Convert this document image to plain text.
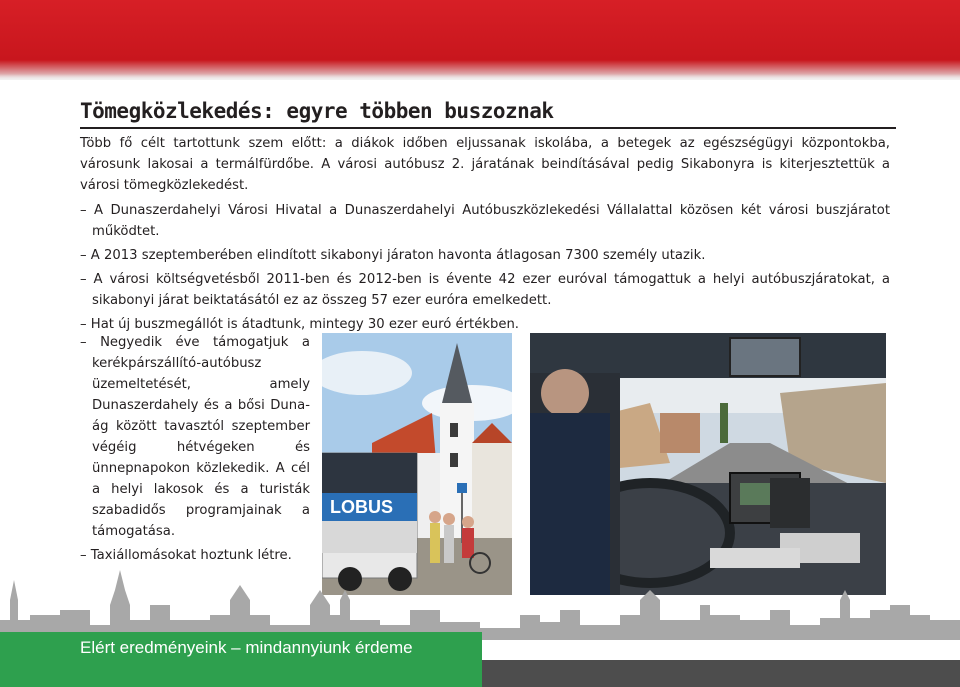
Tömegközlekedés: egyre többen buszoznak

Több fő célt tartottunk szem előtt: a diákok időben eljussanak iskolába, a betegek az egészségügyi központokba, városunk lakosai a termálfürdőbe. A városi autóbusz 2. járatának beindításával pedig Sikabonyra is kiterjesztettük a városi tömegközlekedést.

– A Dunaszerdahelyi Városi Hivatal a Dunaszerdahelyi Autóbuszközlekedési Vállalattal közösen két városi buszjáratot működtet.
– A 2013 szeptemberében elindított sikabonyi járaton havonta átlagosan 7300 személy utazik.
– A városi költségvetésből 2011-ben és 2012-ben is évente 42 ezer euróval támogattuk a helyi autóbuszjáratokat, a sikabonyi járat beiktatásától ez az összeg 57 ezer euróra emelkedett.
– Hat új buszmegállót is átadtunk, mintegy 30 ezer euró értékben.
– Negyedik éve támogatjuk a kerékpárszállító-autóbusz üzemeltetését, amely Dunaszerdahely és a bősi Duna-ág között tavasztól szeptember végéig hétvégeken és ünnepnapokon közlekedik. A cél a helyi lakosok és a turisták szabadidős programjainak a támogatása.
– Taxiállomásokat hoztunk létre.
LOBUS
Elért eredményeink – mindannyiunk érdeme
